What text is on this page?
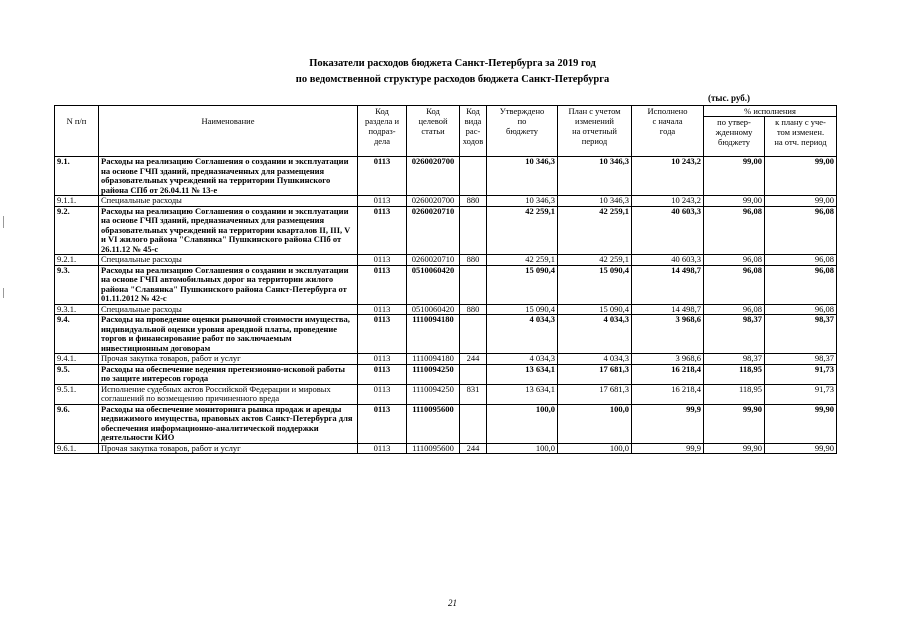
Показатели расходов бюджета Санкт-Петербурга за 2019 год
по ведомственной структуре расходов бюджета Санкт-Петербурга
(тыс. руб.)
N п/п	Наименование	Код
раздела и
подраз-
дела	Код
целевой
статьи	Код
вида
рас-
ходов	Утверждено
по
бюджету	План с учетом
изменений
на отчетный
период	Исполнено
с начала
года	% исполнения	

								по утвер-
жденному
бюджету	к плану с уче-
том изменен.
на отч. период

9.1.	Расходы на реализацию Соглашения о создании и эксплуатации на основе ГЧП зданий, предназначенных для размещения образовательных учреждений на территории Пушкинского района СПб от 26.04.11 № 13-е	0113	0260020700		10 346,3	10 346,3	10 243,2	99,00	99,00
9.1.1.	Специальные расходы	0113	0260020700	880	10 346,3	10 346,3	10 243,2	99,00	99,00
9.2.	Расходы на реализацию Соглашения о создании и эксплуатации на основе ГЧП зданий, предназначенных для размещения образовательных учреждений на территории кварталов II, III, V и VI жилого района "Славянка" Пушкинского района СПб от 26.11.12 № 45-с	0113	0260020710		42 259,1	42 259,1	40 603,3	96,08	96,08
9.2.1.	Специальные расходы	0113	0260020710	880	42 259,1	42 259,1	40 603,3	96,08	96,08
9.3.	Расходы на реализацию Соглашения о создании и эксплуатации на основе ГЧП автомобильных дорог на территории жилого района "Славянка" Пушкинского района Санкт-Петербурга от 01.11.2012 № 42-с	0113	0510060420		15 090,4	15 090,4	14 498,7	96,08	96,08
9.3.1.	Специальные расходы	0113	0510060420	880	15 090,4	15 090,4	14 498,7	96,08	96,08
9.4.	Расходы на проведение оценки рыночной стоимости имущества, индивидуальной оценки уровня арендной платы, проведение торгов и финансирование работ по заключаемым инвестиционным договорам	0113	1110094180		4 034,3	4 034,3	3 968,6	98,37	98,37
9.4.1.	Прочая закупка товаров, работ и услуг	0113	1110094180	244	4 034,3	4 034,3	3 968,6	98,37	98,37
9.5.	Расходы на обеспечение ведения претензионно-исковой работы по защите интересов города	0113	1110094250		13 634,1	17 681,3	16 218,4	118,95	91,73
9.5.1.	Исполнение судебных актов Российской Федерации и мировых соглашений по возмещению причиненного вреда	0113	1110094250	831	13 634,1	17 681,3	16 218,4	118,95	91,73
9.6.	Расходы на обеспечение мониторинга рынка продаж и аренды недвижимого имущества, правовых актов Санкт-Петербурга для обеспечения информационно-аналитической поддержки деятельности КИО	0113	1110095600		100,0	100,0	99,9	99,90	99,90
9.6.1.	Прочая закупка товаров, работ и услуг	0113	1110095600	244	100,0	100,0	99,9	99,90	99,90
21
